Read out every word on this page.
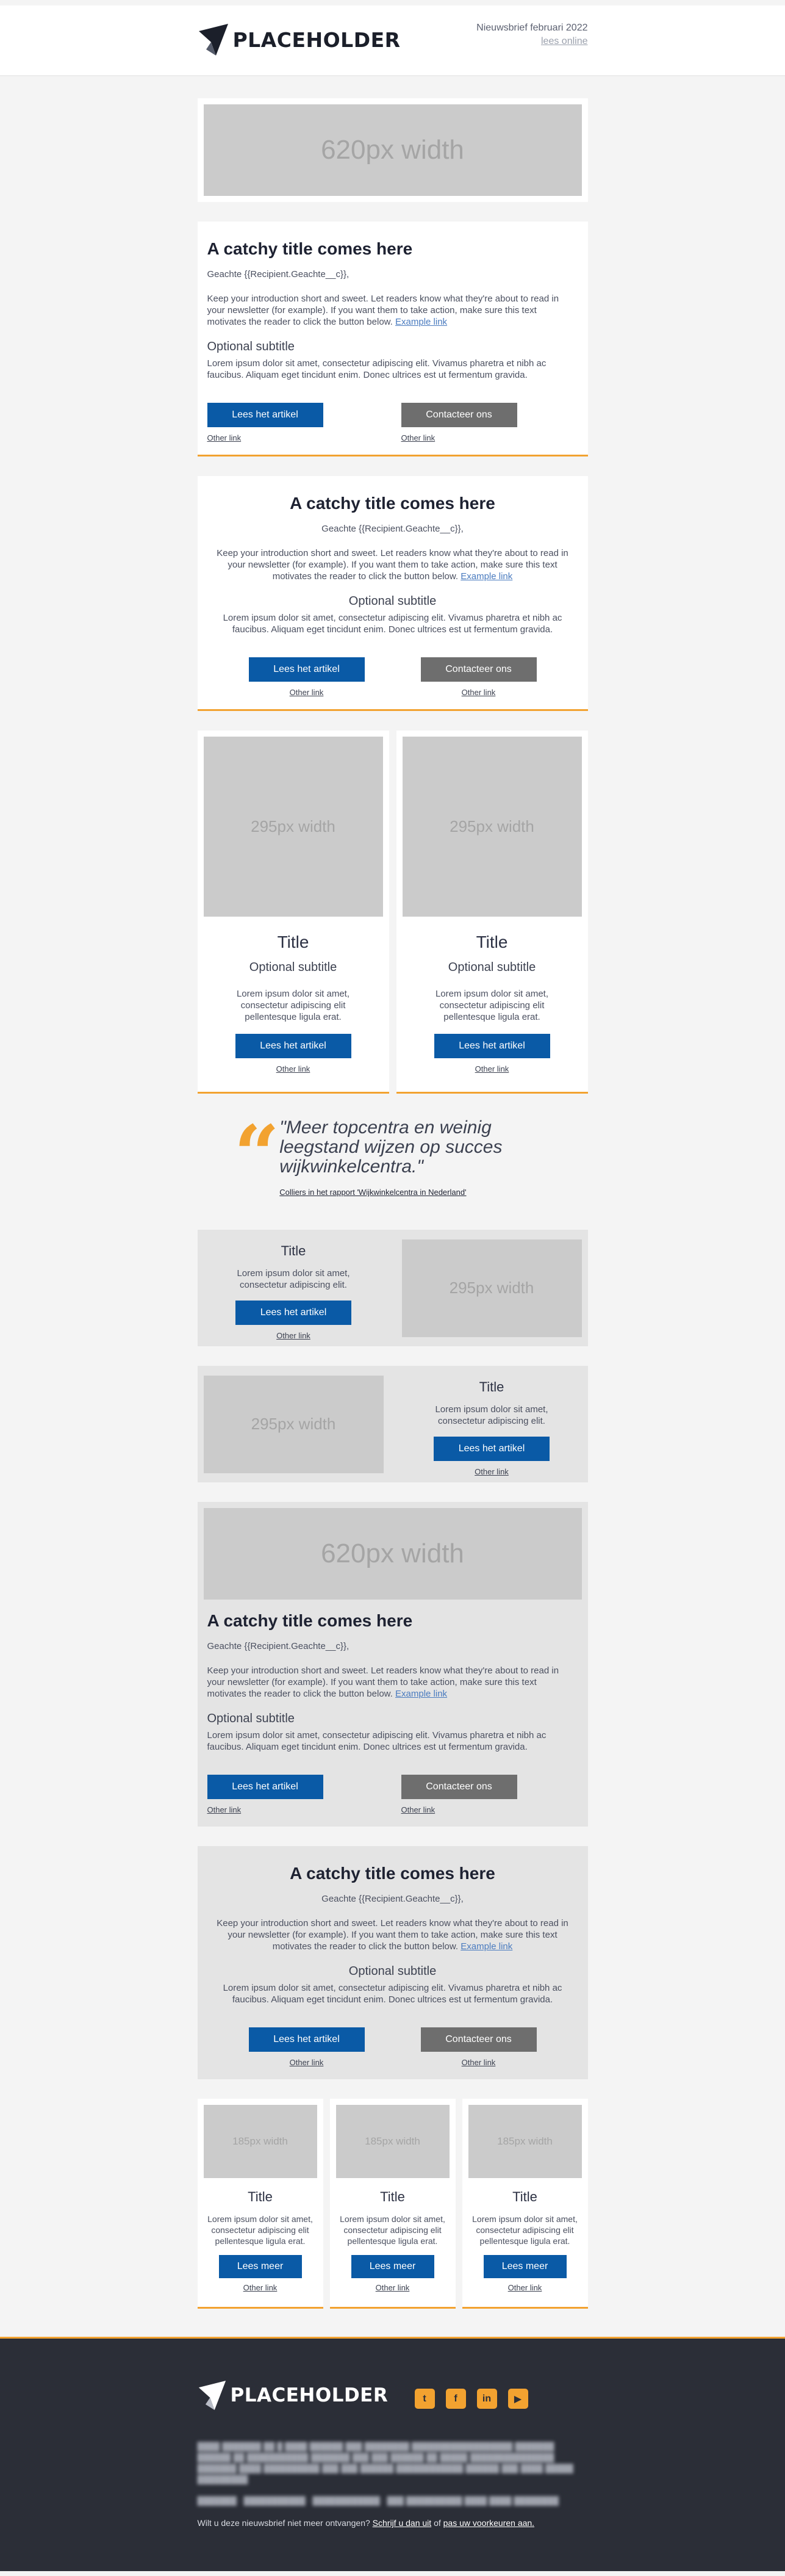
PLACEHOLDER	Nieuwsbrief februari 2022
lees online
620px width
A catchy title comes here
Geachte {{Recipient.Geachte__c}},
Keep your introduction short and sweet. Let readers know what they're about to read in your newsletter (for example). If you want them to take action, make sure this text motivates the reader to click the button below. Example link
Optional subtitle
Lorem ipsum dolor sit amet, consectetur adipiscing elit. Vivamus pharetra et nibh ac faucibus. Aliquam eget tincidunt enim. Donec ultrices est ut fermentum gravida.
Lees het artikel
Other link
Contacteer ons
Other link
A catchy title comes here
Geachte {{Recipient.Geachte__c}},
Keep your introduction short and sweet. Let readers know what they're about to read in your newsletter (for example). If you want them to take action, make sure this text motivates the reader to click the button below. Example link
Optional subtitle
Lorem ipsum dolor sit amet, consectetur adipiscing elit. Vivamus pharetra et nibh ac faucibus. Aliquam eget tincidunt enim. Donec ultrices est ut fermentum gravida.
Lees het artikel
Other link
Contacteer ons
Other link
295px width
Title
Optional subtitle
Lorem ipsum dolor sit amet, consectetur adipiscing elit pellentesque ligula erat.
Lees het artikel
Other link
295px width
Title
Optional subtitle
Lorem ipsum dolor sit amet, consectetur adipiscing elit pellentesque ligula erat.
Lees het artikel
Other link
“ "Meer topcentra en weinig leegstand wijzen op succes wijkwinkelcentra."
Colliers in het rapport 'Wijkwinkelcentra in Nederland'
Title
Lorem ipsum dolor sit amet, consectetur adipiscing elit.
Lees het artikel
Other link
295px width
295px width
Title
Lorem ipsum dolor sit amet, consectetur adipiscing elit.
Lees het artikel
Other link
620px width
A catchy title comes here
Geachte {{Recipient.Geachte__c}},
Keep your introduction short and sweet. Let readers know what they're about to read in your newsletter (for example). If you want them to take action, make sure this text motivates the reader to click the button below. Example link
Optional subtitle
Lorem ipsum dolor sit amet, consectetur adipiscing elit. Vivamus pharetra et nibh ac faucibus. Aliquam eget tincidunt enim. Donec ultrices est ut fermentum gravida.
Lees het artikel
Other link
Contacteer ons
Other link
A catchy title comes here
Geachte {{Recipient.Geachte__c}},
Keep your introduction short and sweet. Let readers know what they're about to read in your newsletter (for example). If you want them to take action, make sure this text motivates the reader to click the button below. Example link
Optional subtitle
Lorem ipsum dolor sit amet, consectetur adipiscing elit. Vivamus pharetra et nibh ac faucibus. Aliquam eget tincidunt enim. Donec ultrices est ut fermentum gravida.
Lees het artikel
Other link
Contacteer ons
Other link
185px width
Title
Lorem ipsum dolor sit amet, consectetur adipiscing elit pellentesque ligula erat.
Lees meer
Other link
185px width
Title
Lorem ipsum dolor sit amet, consectetur adipiscing elit pellentesque ligula erat.
Lees meer
Other link
185px width
Title
Lorem ipsum dolor sit amet, consectetur adipiscing elit pellentesque ligula erat.
Lees meer
Other link
PLACEHOLDER	t	f	in	▶
████ ███████ ██ █ ████ ██████ ███ ████████ ██████████████████ ███████ ██████ ██ ███████████ ███████ ███ ███ ██████ ██ █████ ███████████████ ███████ ████ ██████████ ███ ███ ██████ ████████████ ██████ ███ ████ █████ █████████
███████ · ███████████ · ████████████ · ███ ██████████ ████ ████ ████████
Wilt u deze nieuwsbrief niet meer ontvangen? Schrijf u dan uit of pas uw voorkeuren aan.
